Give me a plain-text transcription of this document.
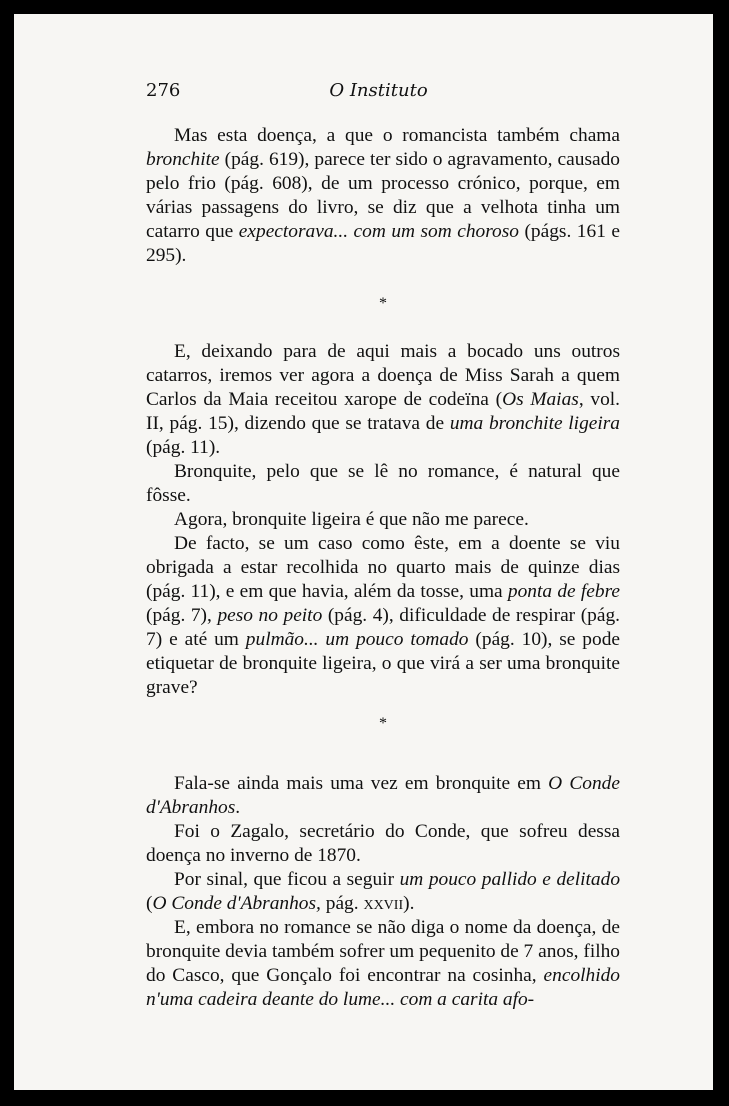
276	O Instituto

Mas esta doença, a que o romancista também chama bronchite (pág. 619), parece ter sido o agravamento, causado pelo frio (pág. 608), de um processo crónico, porque, em várias passagens do livro, se diz que a velhota tinha um catarro que expectorava... com um som choroso (págs. 161 e 295).

*

E, deixando para de aqui mais a bocado uns outros catarros, iremos ver agora a doença de Miss Sarah a quem Carlos da Maia receitou xarope de codeïna (Os Maias, vol. II, pág. 15), dizendo que se tratava de uma bronchite ligeira (pág. 11).

Bronquite, pelo que se lê no romance, é natural que fôsse.

Agora, bronquite ligeira é que não me parece.

De facto, se um caso como êste, em a doente se viu obrigada a estar recolhida no quarto mais de quinze dias (pág. 11), e em que havia, além da tosse, uma ponta de febre (pág. 7), peso no peito (pág. 4), dificuldade de respirar (pág. 7) e até um pulmão... um pouco tomado (pág. 10), se pode etiquetar de bronquite ligeira, o que virá a ser uma bronquite grave?

*

Fala-se ainda mais uma vez em bronquite em O Conde d'Abranhos.

Foi o Zagalo, secretário do Conde, que sofreu dessa doença no inverno de 1870.

Por sinal, que ficou a seguir um pouco pallido e delitado (O Conde d'Abranhos, pág. xxvii).

E, embora no romance se não diga o nome da doença, de bronquite devia também sofrer um pequenito de 7 anos, filho do Casco, que Gonçalo foi encontrar na cosinha, encolhido n'uma cadeira deante do lume... com a carita afo-
